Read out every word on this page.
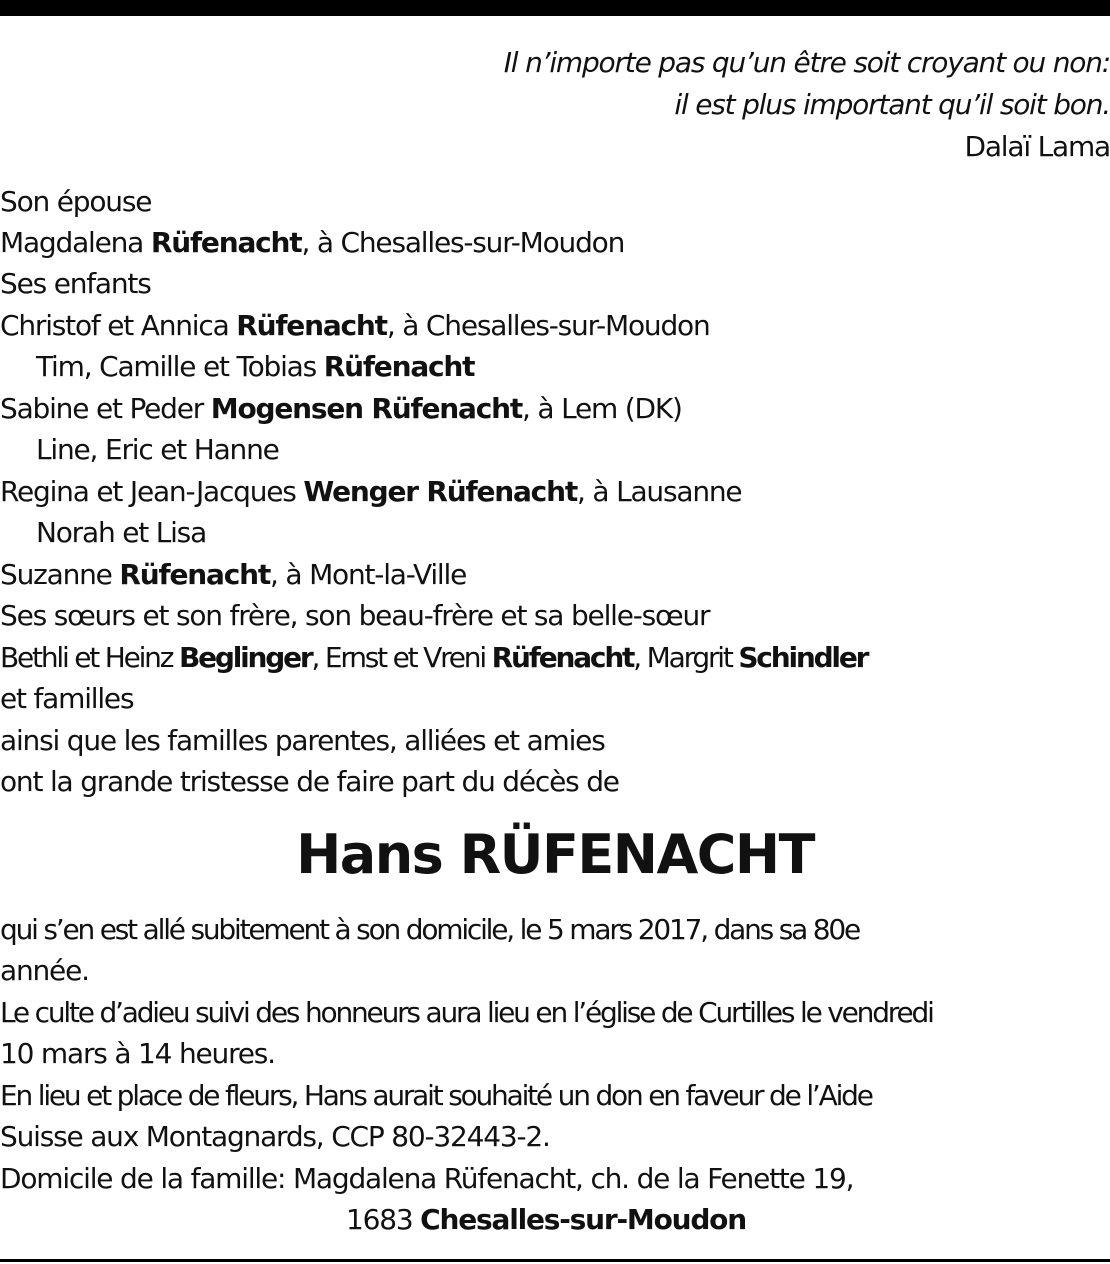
Il n’importe pas qu’un être soit croyant ou non:
il est plus important qu’il soit bon.
Dalaï Lama
Son épouse
Magdalena Rüfenacht, à Chesalles-sur-Moudon
Ses enfants
Christof et Annica Rüfenacht, à Chesalles-sur-Moudon
Tim, Camille et Tobias Rüfenacht
Sabine et Peder Mogensen Rüfenacht, à Lem (DK)
Line, Eric et Hanne
Regina et Jean-Jacques Wenger Rüfenacht, à Lausanne
Norah et Lisa
Suzanne Rüfenacht, à Mont-la-Ville
Ses sœurs et son frère, son beau-frère et sa belle-sœur
Bethli et Heinz Beglinger, Ernst et Vreni Rüfenacht, Margrit Schindler
et familles
ainsi que les familles parentes, alliées et amies
ont la grande tristesse de faire part du décès de
Hans RÜFENACHT
qui s’en est allé subitement à son domicile, le 5 mars 2017, dans sa 80e
année.
Le culte d’adieu suivi des honneurs aura lieu en l’église de Curtilles le vendredi
10 mars à 14 heures.
En lieu et place de fleurs, Hans aurait souhaité un don en faveur de l’Aide
Suisse aux Montagnards, CCP 80-32443-2.
Domicile de la famille: Magdalena Rüfenacht, ch. de la Fenette 19,
1683 Chesalles-sur-Moudon
